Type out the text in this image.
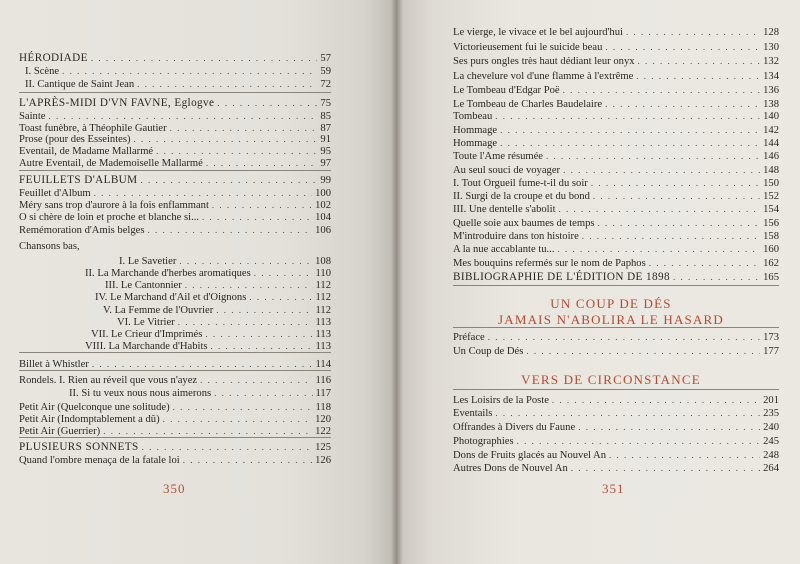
HÉRODIADE . . .	57
I. Scène . . .	59
II. Cantique de Saint Jean . . .	72
L'APRÈS-MIDI D'VN FAVNE, Eglogve . . .	75
Sainte . . .	85
Toast funèbre, à Théophile Gautier . . .	87
Prose (pour des Esseintes) . . .	91
Eventail, de Madame Mallarmé . . .	95
Autre Eventail, de Mademoiselle Mallarmé . . .	97
FEUILLETS D'ALBUM . . .	99
Feuillet d'Album . . .	100
Méry sans trop d'aurore à la fois enflammant . . .	102
O si chère de loin et proche et blanche si... . . .	104
Remémoration d'Amis belges . . .	106
Chansons bas,
I. Le Savetier . . .	108
II. La Marchande d'herbes aromatiques . . .	110
III. Le Cantonnier . . .	112
IV. Le Marchand d'Ail et d'Oignons . . .	112
V. La Femme de l'Ouvrier . . .	112
VI. Le Vitrier . . .	113
VII. Le Crieur d'Imprimés . . .	113
VIII. La Marchande d'Habits . . .	113
Billet à Whistler . . .	114
Rondels. I. Rien au réveil que vous n'ayez . . .	116
II. Si tu veux nous nous aimerons . . .	117
Petit Air (Quelconque une solitude) . . .	118
Petit Air (Indomptablement a dû) . . .	120
Petit Air (Guerrier) . . .	122
PLUSIEURS SONNETS . . .	125
Quand l'ombre menaça de la fatale loi . . .	126
350
Le vierge, le vivace et le bel aujourd'hui . . .	128
Victorieusement fui le suicide beau . . .	130
Ses purs ongles très haut dédiant leur onyx . . .	132
La chevelure vol d'une flamme à l'extrême . . .	134
Le Tombeau d'Edgar Poë . . .	136
Le Tombeau de Charles Baudelaire . . .	138
Tombeau . . .	140
Hommage . . .	142
Hommage . . .	144
Toute l'Ame résumée . . .	146
Au seul souci de voyager . . .	148
I. Tout Orgueil fume-t-il du soir . . .	150
II. Surgi de la croupe et du bond . . .	152
III. Une dentelle s'abolit . . .	154
Quelle soie aux baumes de temps . . .	156
M'introduire dans ton histoire . . .	158
A la nue accablante tu... . . .	160
Mes bouquins refermés sur le nom de Paphos . . .	162
BIBLIOGRAPHIE DE L'ÉDITION DE 1898 . . .	165
Préface . . .	173
Un Coup de Dés . . .	177
Les Loisirs de la Poste . . .	201
Eventails . . .	235
Offrandes à Divers du Faune . . .	240
Photographies . . .	245
Dons de Fruits glacés au Nouvel An . . .	248
Autres Dons de Nouvel An . . .	264
351
UN COUP DE DÉS
JAMAIS N'ABOLIRA LE HASARD
VERS DE CIRCONSTANCE
